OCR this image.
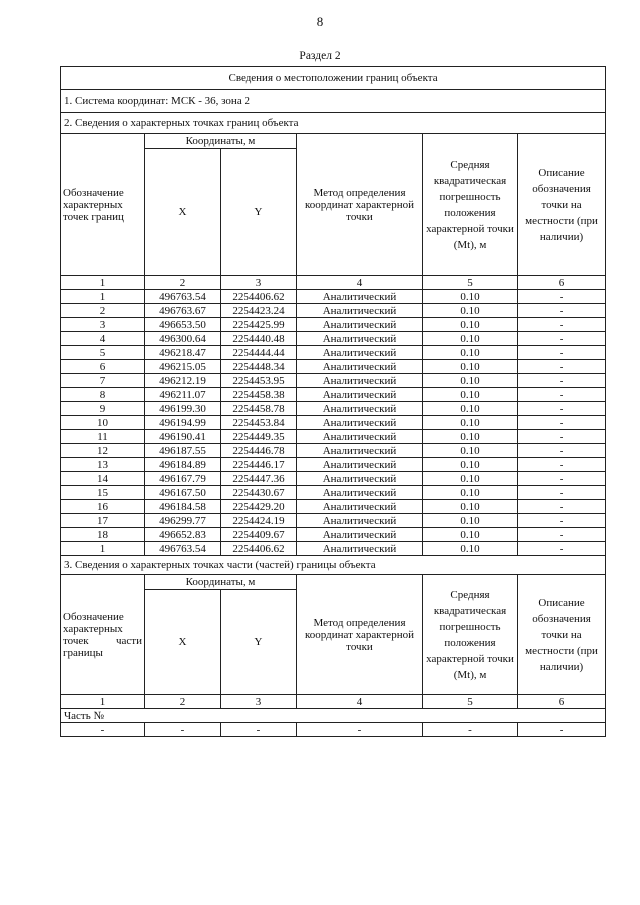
8
Раздел 2
Сведения о местоположении границ объекта					
1. Система координат: МСК - 36, зона 2					
2. Сведения о характерных точках границ объекта					
Обозначение характерных точек границ	Координаты, м		Метод определения координат характерной точки	Средняя квадратическая погрешность положения характерной точки (Mt), м	Описание обозначения точки на местности (при наличии)
	X	Y			
1	2	3	4	5	6
1	496763.54	2254406.62	Аналитический	0.10	-
2	496763.67	2254423.24	Аналитический	0.10	-
3	496653.50	2254425.99	Аналитический	0.10	-
4	496300.64	2254440.48	Аналитический	0.10	-
5	496218.47	2254444.44	Аналитический	0.10	-
6	496215.05	2254448.34	Аналитический	0.10	-
7	496212.19	2254453.95	Аналитический	0.10	-
8	496211.07	2254458.38	Аналитический	0.10	-
9	496199.30	2254458.78	Аналитический	0.10	-
10	496194.99	2254453.84	Аналитический	0.10	-
11	496190.41	2254449.35	Аналитический	0.10	-
12	496187.55	2254446.78	Аналитический	0.10	-
13	496184.89	2254446.17	Аналитический	0.10	-
14	496167.79	2254447.36	Аналитический	0.10	-
15	496167.50	2254430.67	Аналитический	0.10	-
16	496184.58	2254429.20	Аналитический	0.10	-
17	496299.77	2254424.19	Аналитический	0.10	-
18	496652.83	2254409.67	Аналитический	0.10	-
1	496763.54	2254406.62	Аналитический	0.10	-
3. Сведения о характерных точках части (частей) границы объекта					
Обозначение характерных точек части границы	Координаты, м		Метод определения координат характерной точки	Средняя квадратическая погрешность положения характерной точки (Mt), м	Описание обозначения точки на местности (при наличии)
	X	Y			
1	2	3	4	5	6
Часть №					
-	-	-	-	-	-
